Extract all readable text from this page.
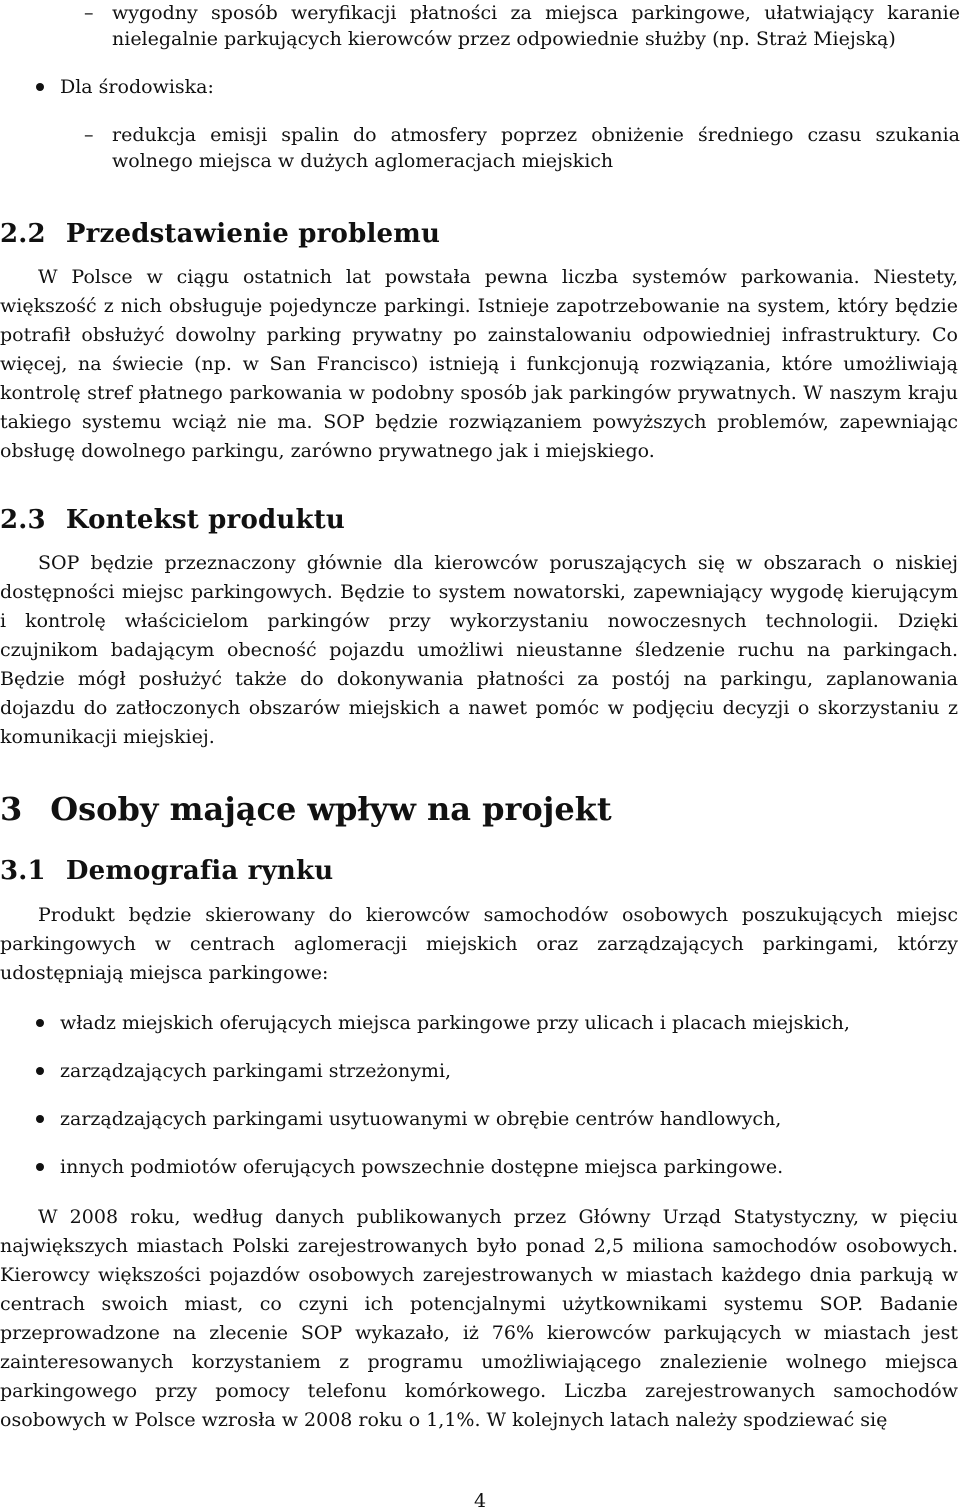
– wygodny sposób weryfikacji płatności za miejsca parkingowe, ułatwiający karanie nielegalnie parkujących kierowców przez odpowiednie służby (np. Straż Miejską)
Dla środowiska:
– redukcja emisji spalin do atmosfery poprzez obniżenie średniego czasu szukania wolnego miejsca w dużych aglomeracjach miejskich
2.2 Przedstawienie problemu

W Polsce w ciągu ostatnich lat powstała pewna liczba systemów parkowania. Niestety, większość z nich obsługuje pojedyncze parkingi. Istnieje zapotrzebowanie na system, który będzie potrafił obsłużyć dowolny parking prywatny po zainstalowaniu odpowiedniej infrastruktury. Co więcej, na świecie (np. w San Francisco) istnieją i funkcjonują rozwiązania, które umożliwiają kontrolę stref płatnego parkowania w podobny sposób jak parkingów prywatnych. W naszym kraju takiego systemu wciąż nie ma. SOP będzie rozwiązaniem powyższych problemów, zapewniając obsługę dowolnego parkingu, zarówno prywatnego jak i miejskiego.

2.3 Kontekst produktu

SOP będzie przeznaczony głównie dla kierowców poruszających się w obszarach o niskiej dostępności miejsc parkingowych. Będzie to system nowatorski, zapewniający wygodę kierującym i kontrolę właścicielom parkingów przy wykorzystaniu nowoczesnych technologii. Dzięki czujnikom badającym obecność pojazdu umożliwi nieustanne śledzenie ruchu na parkingach. Będzie mógł posłużyć także do dokonywania płatności za postój na parkingu, zaplanowania dojazdu do zatłoczonych obszarów miejskich a nawet pomóc w podjęciu decyzji o skorzystaniu z komunikacji miejskiej.

3 Osoby mające wpływ na projekt
3.1 Demografia rynku

Produkt będzie skierowany do kierowców samochodów osobowych poszukujących miejsc parkingowych w centrach aglomeracji miejskich oraz zarządzających parkingami, którzy udostępniają miejsca parkingowe:

władz miejskich oferujących miejsca parkingowe przy ulicach i placach miejskich,
zarządzających parkingami strzeżonymi,
zarządzających parkingami usytuowanymi w obrębie centrów handlowych,
innych podmiotów oferujących powszechnie dostępne miejsca parkingowe.

W 2008 roku, według danych publikowanych przez Główny Urząd Statystyczny, w pięciu największych miastach Polski zarejestrowanych było ponad 2,5 miliona samochodów osobowych. Kierowcy większości pojazdów osobowych zarejestrowanych w miastach każdego dnia parkują w centrach swoich miast, co czyni ich potencjalnymi użytkownikami systemu SOP. Badanie przeprowadzone na zlecenie SOP wykazało, iż 76% kierowców parkujących w miastach jest zainteresowanych korzystaniem z programu umożliwiającego znalezienie wolnego miejsca parkingowego przy pomocy telefonu komórkowego. Liczba zarejestrowanych samochodów osobowych w Polsce wzrosła w 2008 roku o 1,1%. W kolejnych latach należy spodziewać się

4
